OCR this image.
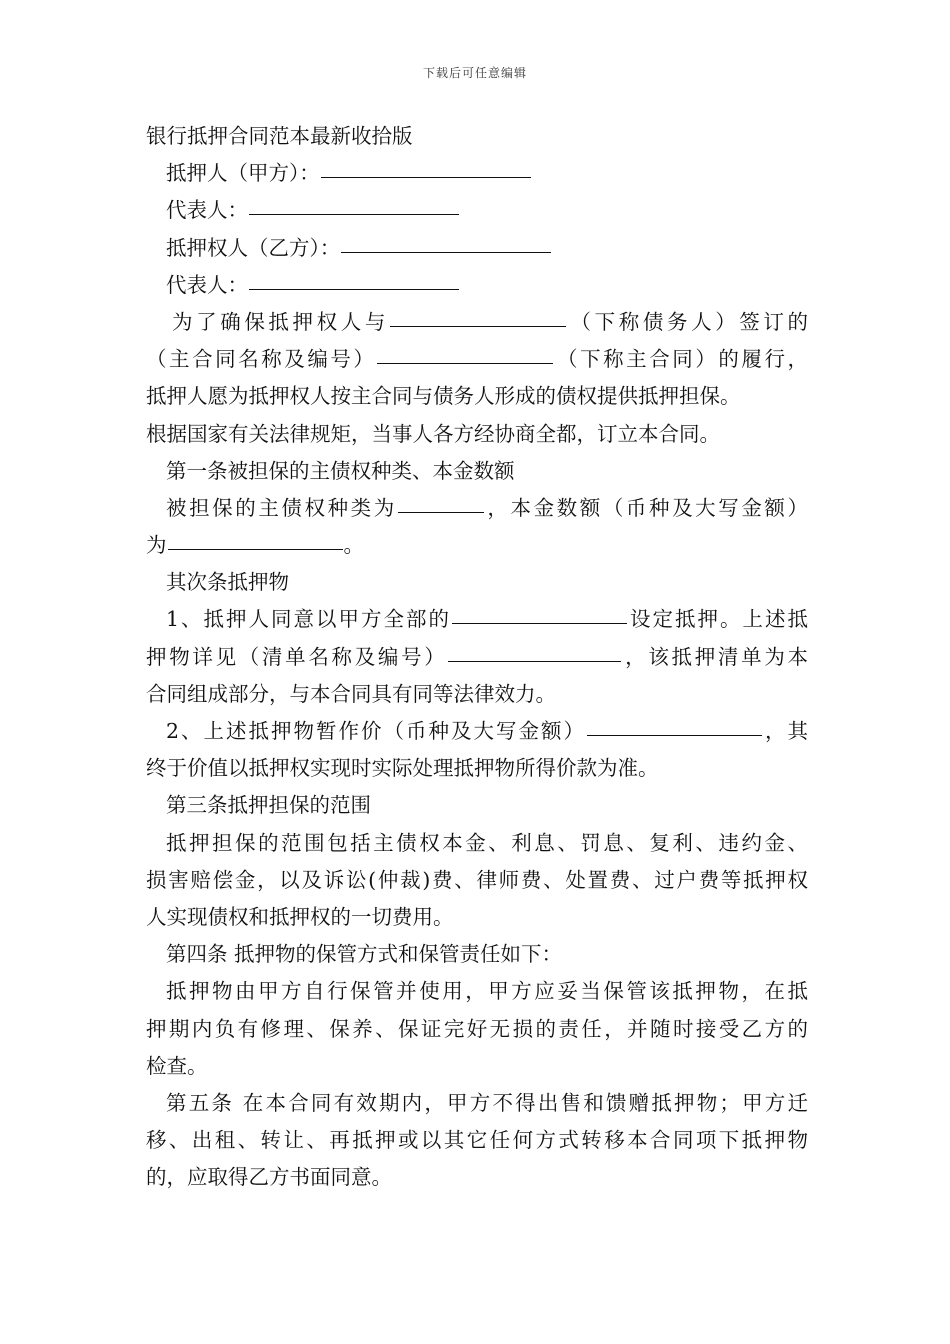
下载后可任意编辑
银行抵押合同范本最新收拾版
抵押人（甲方）：
代表人：
抵押权人（乙方）：
代表人：
为了确保抵押权人与	（下称债务人）签订的
（主合同名称及编号）	（下称主合同）的履行，
抵押人愿为抵押权人按主合同与债务人形成的债权提供抵押担保。
根据国家有关法律规矩，当事人各方经协商全都，订立本合同。
第一条被担保的主债权种类、本金数额
被担保的主债权种类为	，本金数额（币种及大写金额）
为	。
其次条抵押物
1、抵押人同意以甲方全部的	设定抵押。上述抵
押物详见（清单名称及编号）	，该抵押清单为本
合同组成部分，与本合同具有同等法律效力。
2、上述抵押物暂作价（币种及大写金额）	，其
终于价值以抵押权实现时实际处理抵押物所得价款为准。
第三条抵押担保的范围
抵押担保的范围包括主债权本金、利息、罚息、复利、违约金、
损害赔偿金，以及诉讼(仲裁)费、律师费、处置费、过户费等抵押权
人实现债权和抵押权的一切费用。
第四条 抵押物的保管方式和保管责任如下：
抵押物由甲方自行保管并使用，甲方应妥当保管该抵押物，在抵
押期内负有修理、保养、保证完好无损的责任，并随时接受乙方的
检查。
第五条 在本合同有效期内，甲方不得出售和馈赠抵押物；甲方迁
移、出租、转让、再抵押或以其它任何方式转移本合同项下抵押物
的，应取得乙方书面同意。
